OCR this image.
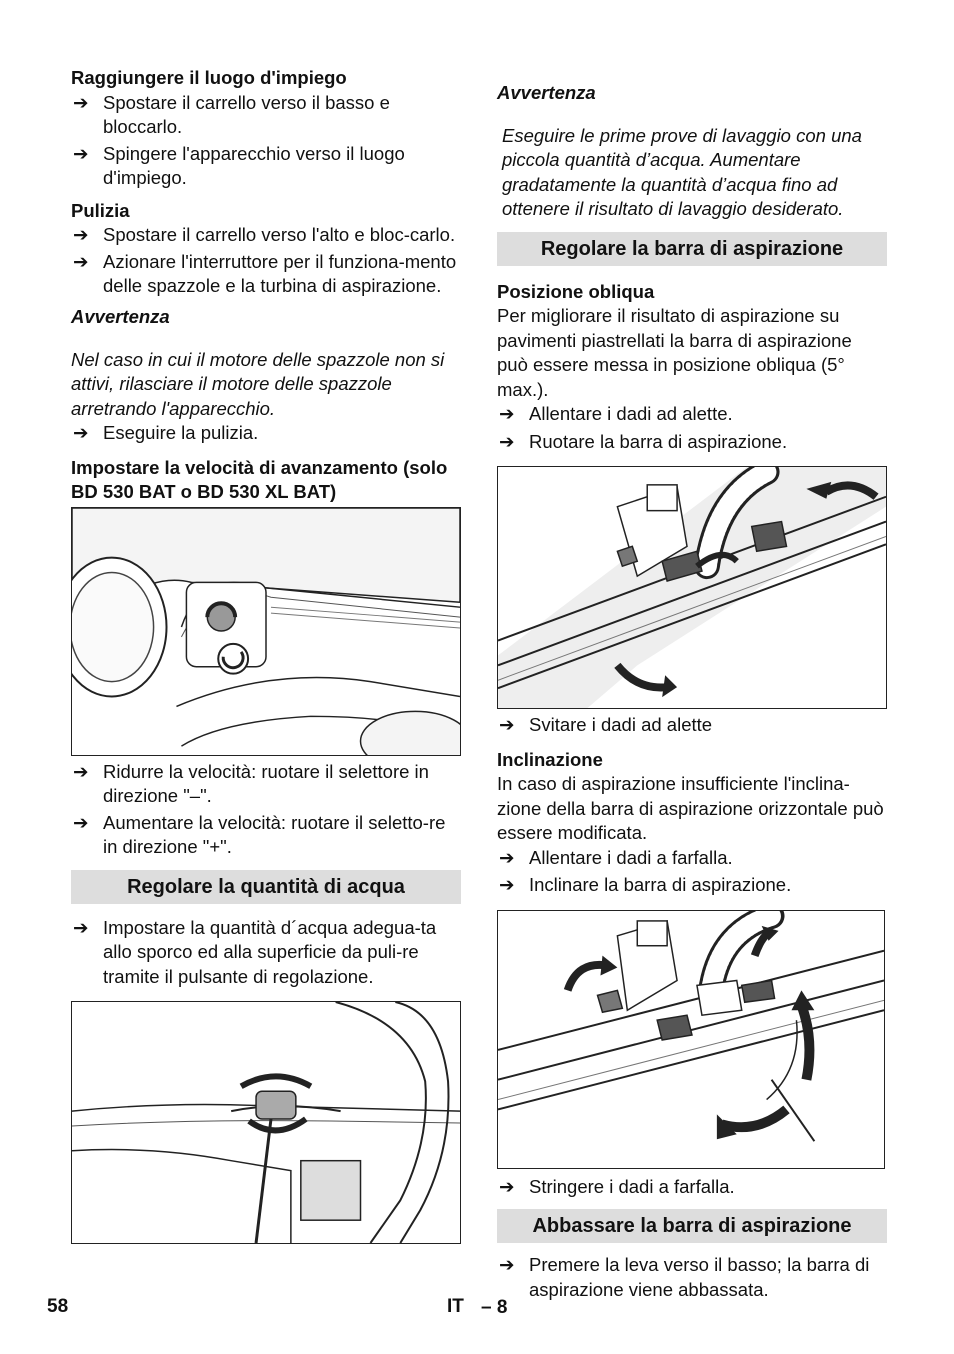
Raggiungere il luogo d'impiego

➔ Spostare il carrello verso il basso e bloccarlo.
➔ Spingere l'apparecchio verso il luogo d'impiego.

Pulizia

➔ Spostare il carrello verso l'alto e bloc-carlo.
➔ Azionare l'interruttore per il funziona-mento delle spazzole e la turbina di aspirazione.

Avvertenza

Nel caso in cui il motore delle spazzole non si attivi, rilasciare il motore delle spazzole arretrando l'apparecchio.

➔ Eseguire la pulizia.

Impostare la velocità di avanzamento (solo BD 530 BAT o BD 530 XL BAT)

➔ Ridurre la velocità: ruotare il selettore in direzione "–".
➔ Aumentare la velocità: ruotare il seletto-re in direzione "+".
Regolare la quantità di acqua
➔ Impostare la quantità d´acqua adegua-ta allo sporco ed alla superficie da puli-re tramite il pulsante di regolazione.

Avvertenza

Eseguire le prime prove di lavaggio con una piccola quantità d’acqua. Aumentare gradatamente la quantità d’acqua fino ad ottenere il risultato di lavaggio desiderato.

Regolare la barra di aspirazione

Posizione obliqua

Per migliorare il risultato di aspirazione su pavimenti piastrellati la barra di aspirazione può essere messa in posizione obliqua (5° max.).

➔ Allentare i dadi ad alette.
➔ Ruotare la barra di aspirazione.
➔ Svitare i dadi ad alette

Inclinazione

In caso di aspirazione insufficiente l'inclina-zione della barra di aspirazione orizzontale può essere modificata.

➔ Allentare i dadi a farfalla.
➔ Inclinare la barra di aspirazione.
➔ Stringere i dadi a farfalla.
Abbassare la barra di aspirazione
➔ Premere la leva verso il basso; la barra di aspirazione viene abbassata.
58	IT – 8
